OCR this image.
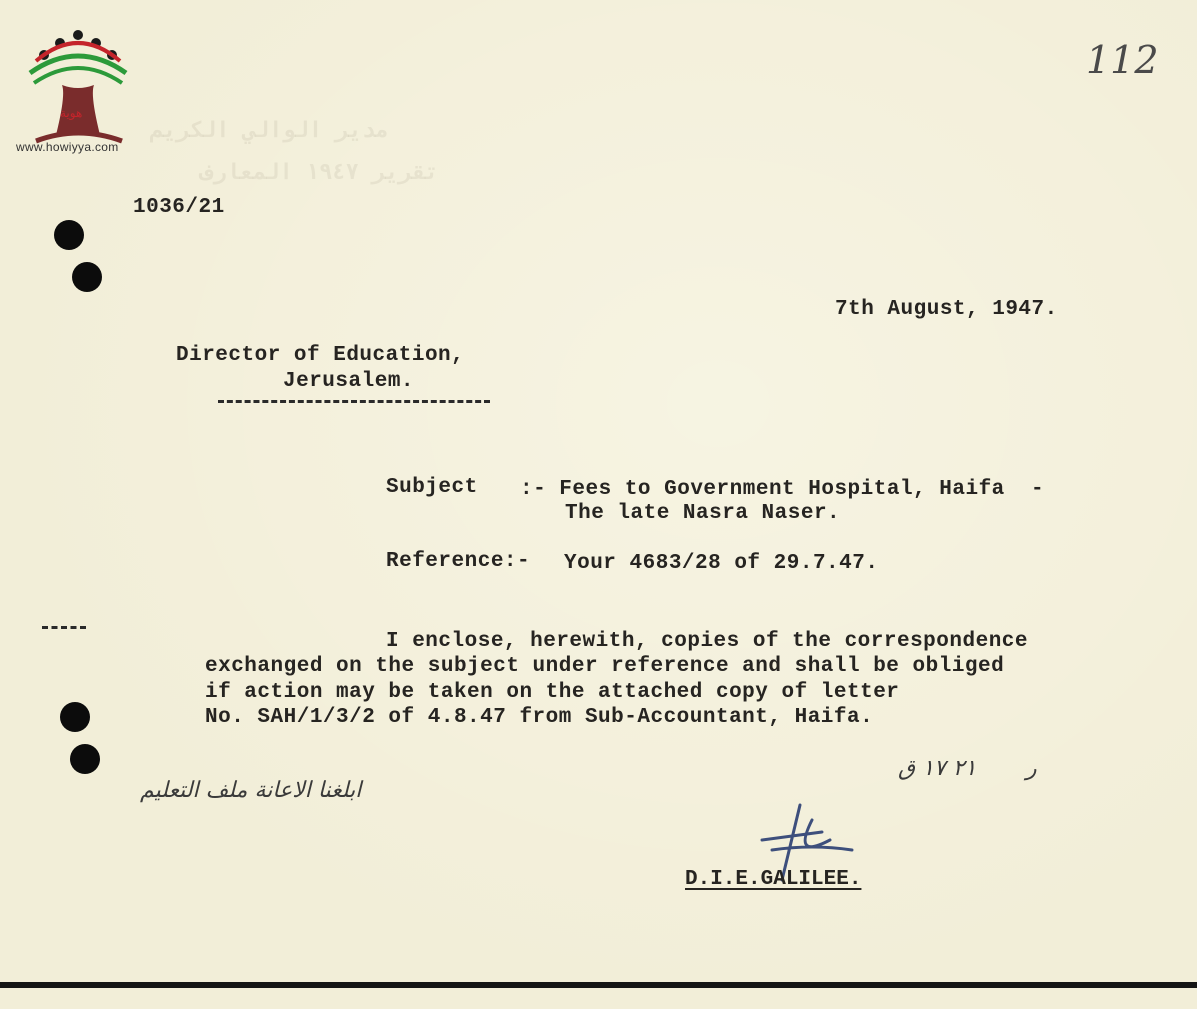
هوية
www.howiyya.com
112
مدير الوالي الكريم
تقرير ١٩٤٧ المعارف
1036/21
7th August, 1947.
Director of Education,
Jerusalem.
Subject :- Fees to Government Hospital, Haifa  -
The late Nasra Naser.
Reference:- Your 4683/28 of 29.7.47.
I enclose, herewith, copies of the correspondence
exchanged on the subject under reference and shall be obliged
if action may be taken on the attached copy of letter
No. SAH/1/3/2 of 4.8.47 from Sub-Accountant, Haifa.
ابلغنا الاعانة ملف التعليم
٢١ ١٧ ق ر
D.I.E.GALILEE.
